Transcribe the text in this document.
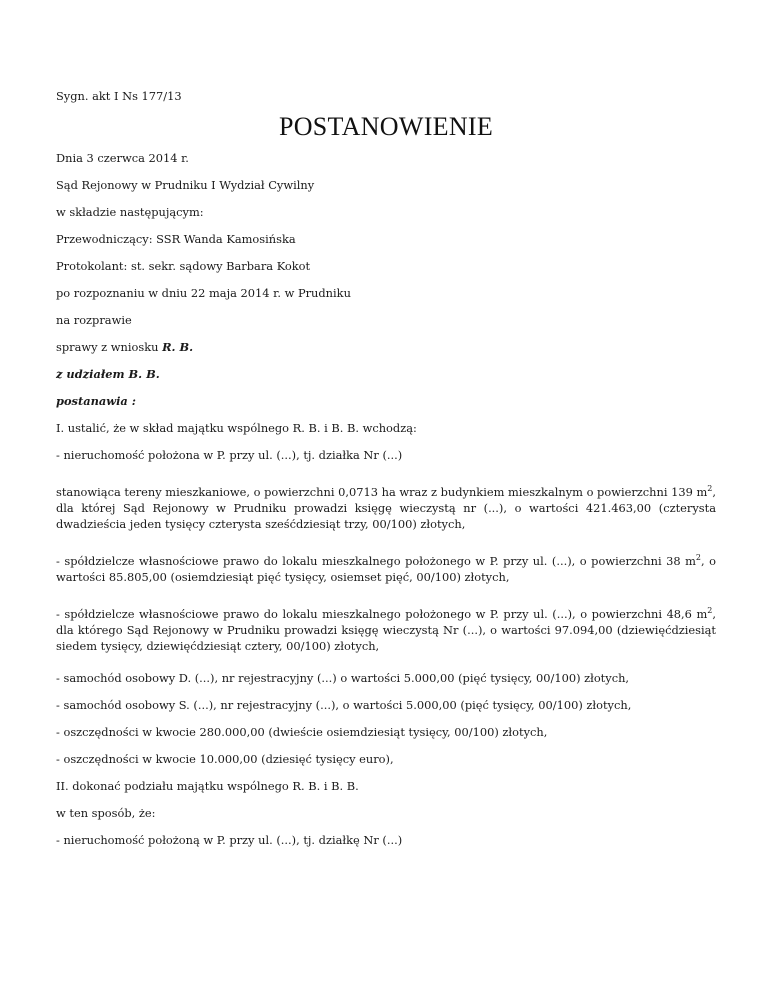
Sygn. akt I Ns 177/13
POSTANOWIENIE
Dnia 3 czerwca 2014 r.
Sąd Rejonowy w Prudniku I Wydział Cywilny
w składzie następującym:
Przewodniczący: SSR Wanda Kamosińska
Protokolant: st. sekr. sądowy Barbara Kokot
po rozpoznaniu w dniu 22 maja 2014 r. w Prudniku
na rozprawie
sprawy z wniosku R. B.
z udziałem B. B.
postanawia :
I. ustalić, że w skład majątku wspólnego R. B. i B. B. wchodzą:
- nieruchomość położona w P. przy ul. (...), tj. działka Nr (...)
stanowiąca tereny mieszkaniowe, o powierzchni 0,0713 ha wraz z budynkiem mieszkalnym o powierzchni 139 $m^2$, dla której Sąd Rejonowy w Prudniku prowadzi księgę wieczystą nr (...), o wartości 421.463,00 (czterysta dwadzieścia jeden tysięcy czterysta sześćdziesiąt trzy, 00/100) złotych,
- spółdzielcze własnościowe prawo do lokalu mieszkalnego położonego w P. przy ul. (...), o powierzchni 38 $m^2$, o wartości 85.805,00 (osiemdziesiąt pięć tysięcy, osiemset pięć, 00/100) złotych,
- spółdzielcze własnościowe prawo do lokalu mieszkalnego położonego w P. przy ul. (...), o powierzchni 48,6 $m^2$, dla którego Sąd Rejonowy w Prudniku prowadzi księgę wieczystą Nr (...), o wartości 97.094,00 (dziewięćdziesiąt siedem tysięcy, dziewięćdziesiąt cztery, 00/100) złotych,
- samochód osobowy D. (...), nr rejestracyjny (...) o wartości 5.000,00 (pięć tysięcy, 00/100) złotych,
- samochód osobowy S. (...), nr rejestracyjny (...), o wartości 5.000,00 (pięć tysięcy, 00/100) złotych,
- oszczędności w kwocie 280.000,00 (dwieście osiemdziesiąt tysięcy, 00/100) złotych,
- oszczędności w kwocie 10.000,00 (dziesięć tysięcy euro),
II. dokonać podziału majątku wspólnego R. B. i B. B.
w ten sposób, że:
- nieruchomość położoną w P. przy ul. (...), tj. działkę Nr (...)
